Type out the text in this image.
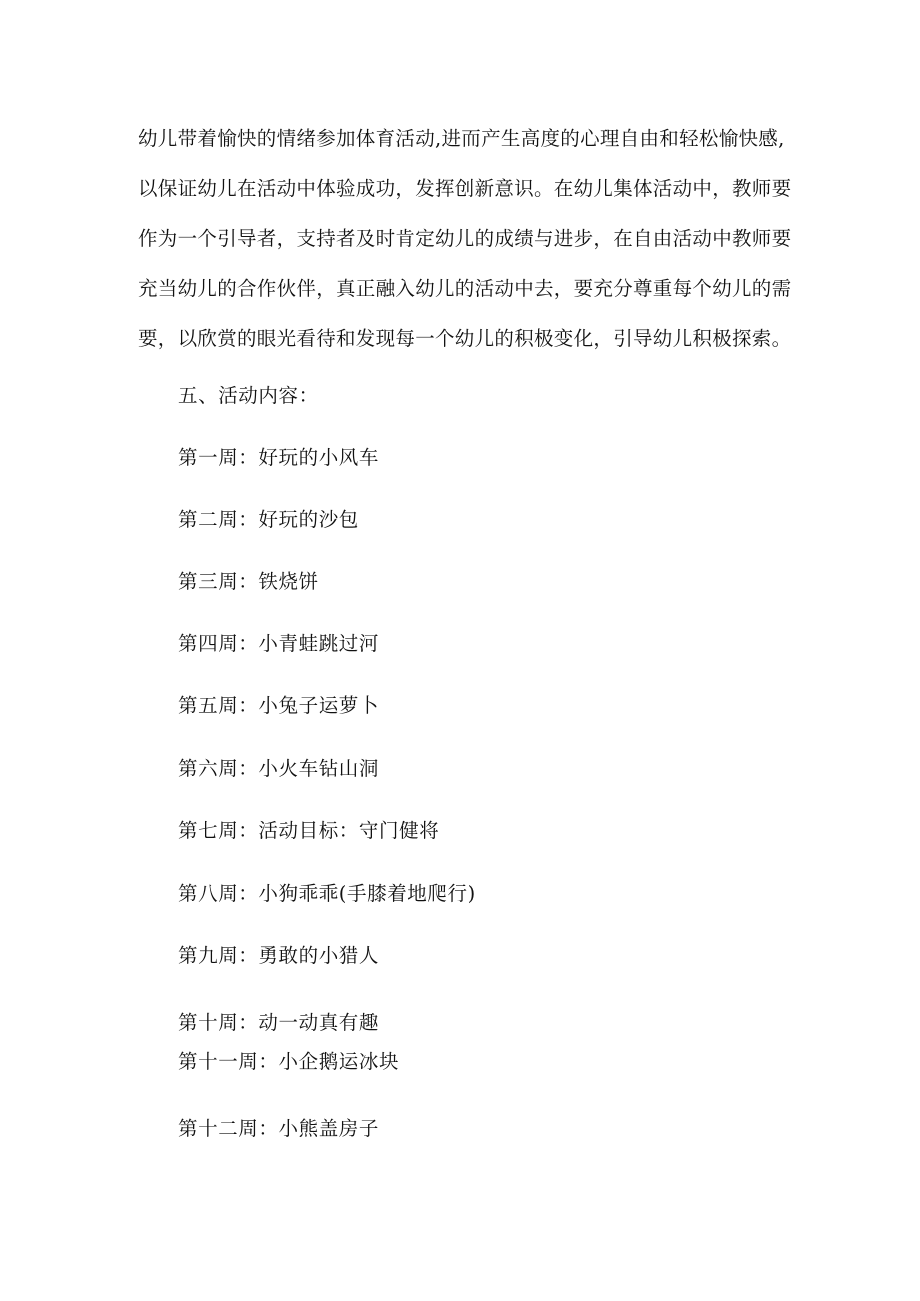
幼儿带着愉快的情绪参加体育活动,进而产生高度的心理自由和轻松愉快感,
以保证幼儿在活动中体验成功，发挥创新意识。在幼儿集体活动中，教师要
作为一个引导者，支持者及时肯定幼儿的成绩与进步，在自由活动中教师要
充当幼儿的合作伙伴，真正融入幼儿的活动中去，要充分尊重每个幼儿的需
要，以欣赏的眼光看待和发现每一个幼儿的积极变化，引导幼儿积极探索。

五、活动内容：

第一周：好玩的小风车

第二周：好玩的沙包

第三周：铁烧饼

第四周：小青蛙跳过河

第五周：小兔子运萝卜

第六周：小火车钻山洞

第七周：活动目标：守门健将

第八周：小狗乖乖(手膝着地爬行)

第九周：勇敢的小猎人

第十周：动一动真有趣

第十一周：小企鹅运冰块

第十二周：小熊盖房子
